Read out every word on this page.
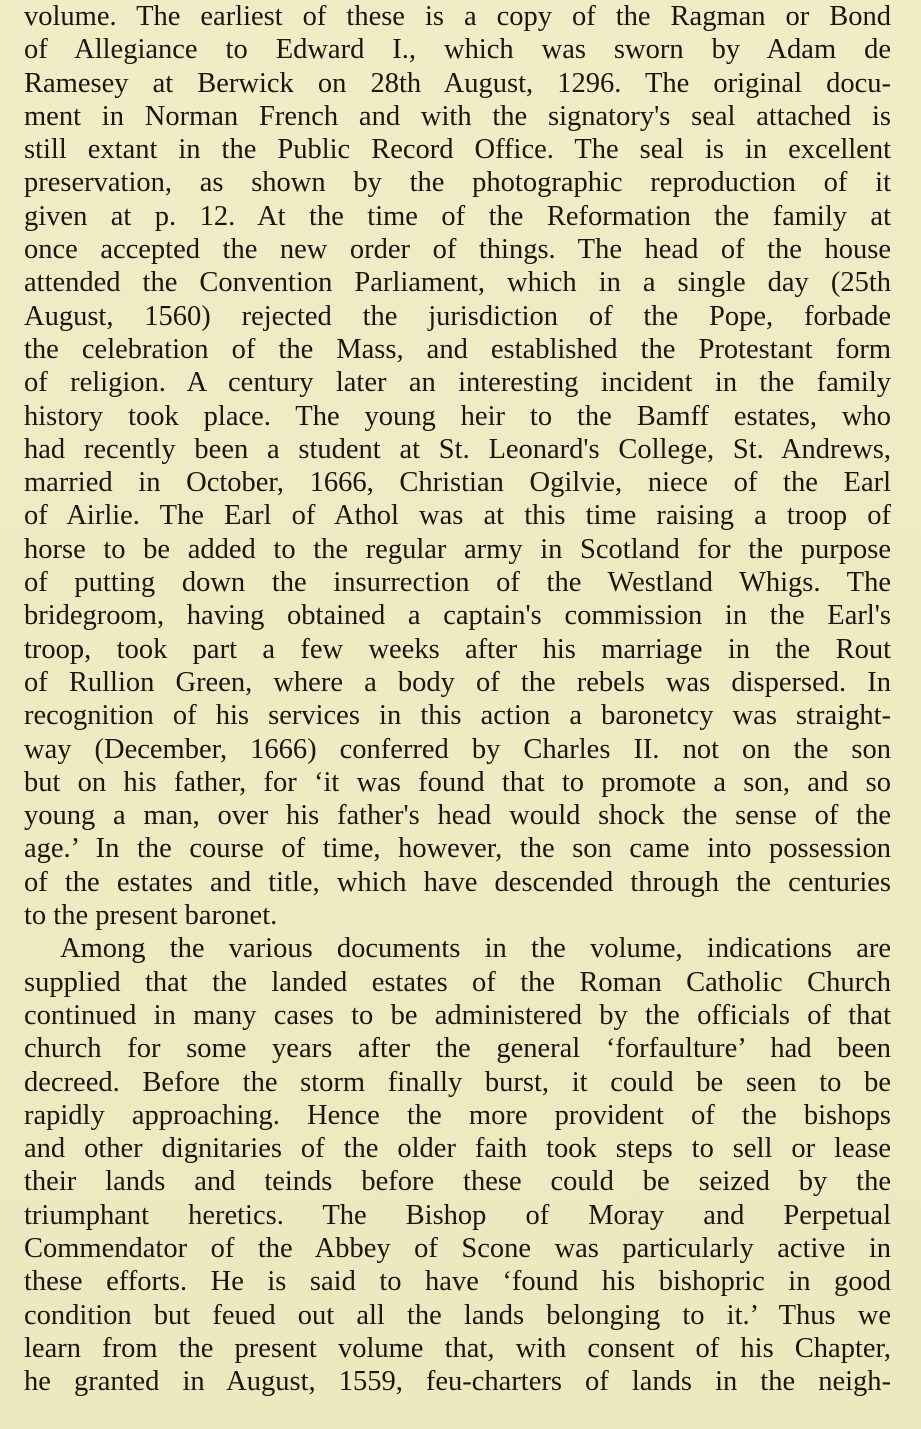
volume. The earliest of these is a copy of the Ragman or Bond
of Allegiance to Edward I., which was sworn by Adam de
Ramesey at Berwick on 28th August, 1296. The original docu-
ment in Norman French and with the signatory's seal attached is
still extant in the Public Record Office. The seal is in excellent
preservation, as shown by the photographic reproduction of it
given at p. 12. At the time of the Reformation the family at
once accepted the new order of things. The head of the house
attended the Convention Parliament, which in a single day (25th
August, 1560) rejected the jurisdiction of the Pope, forbade
the celebration of the Mass, and established the Protestant form
of religion. A century later an interesting incident in the family
history took place. The young heir to the Bamff estates, who
had recently been a student at St. Leonard's College, St. Andrews,
married in October, 1666, Christian Ogilvie, niece of the Earl
of Airlie. The Earl of Athol was at this time raising a troop of
horse to be added to the regular army in Scotland for the purpose
of putting down the insurrection of the Westland Whigs. The
bridegroom, having obtained a captain's commission in the Earl's
troop, took part a few weeks after his marriage in the Rout
of Rullion Green, where a body of the rebels was dispersed. In
recognition of his services in this action a baronetcy was straight-
way (December, 1666) conferred by Charles II. not on the son
but on his father, for ‘it was found that to promote a son, and so
young a man, over his father's head would shock the sense of the
age.’ In the course of time, however, the son came into possession
of the estates and title, which have descended through the centuries
to the present baronet.
Among the various documents in the volume, indications are
supplied that the landed estates of the Roman Catholic Church
continued in many cases to be administered by the officials of that
church for some years after the general ‘forfaulture’ had been
decreed. Before the storm finally burst, it could be seen to be
rapidly approaching. Hence the more provident of the bishops
and other dignitaries of the older faith took steps to sell or lease
their lands and teinds before these could be seized by the
triumphant heretics. The Bishop of Moray and Perpetual
Commendator of the Abbey of Scone was particularly active in
these efforts. He is said to have ‘found his bishopric in good
condition but feued out all the lands belonging to it.’ Thus we
learn from the present volume that, with consent of his Chapter,
he granted in August, 1559, feu-charters of lands in the neigh-
